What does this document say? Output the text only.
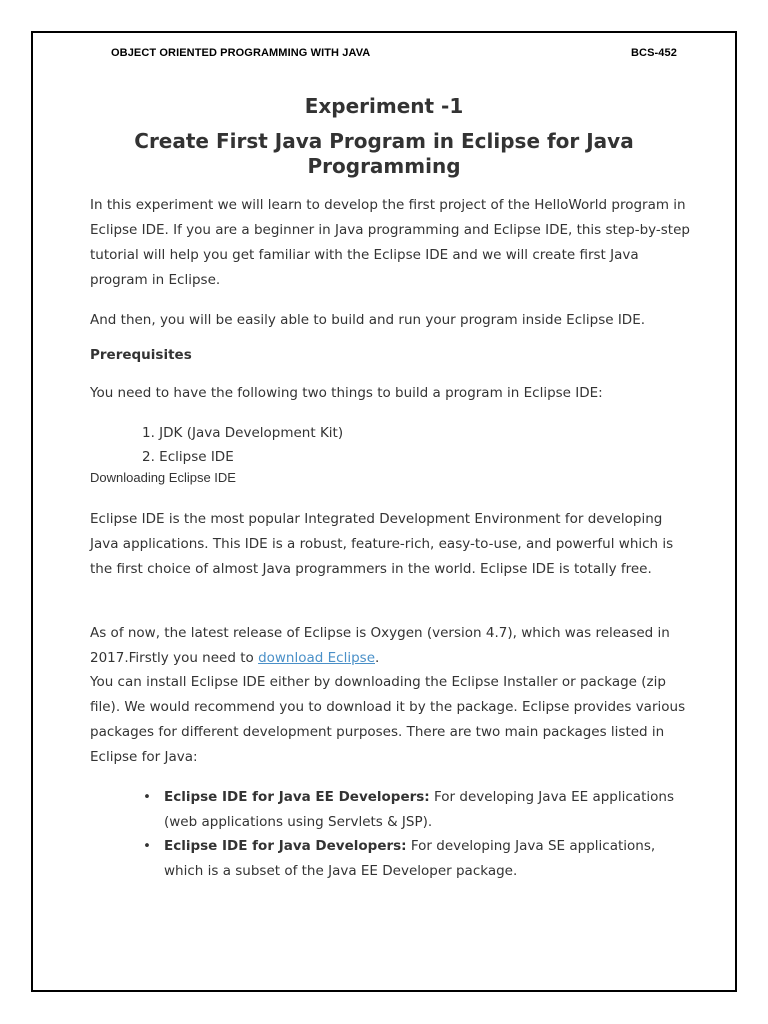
OBJECT ORIENTED PROGRAMMING WITH JAVA	BCS-452
Experiment -1
Create First Java Program in Eclipse for Java Programming

In this experiment we will learn to develop the first project of the HelloWorld program in Eclipse IDE. If you are a beginner in Java programming and Eclipse IDE, this step-by-step tutorial will help you get familiar with the Eclipse IDE and we will create first Java program in Eclipse.

And then, you will be easily able to build and run your program inside Eclipse IDE.

Prerequisites

You need to have the following two things to build a program in Eclipse IDE:

1. JDK (Java Development Kit)
2. Eclipse IDE
Downloading Eclipse IDE

Eclipse IDE is the most popular Integrated Development Environment for developing Java applications. This IDE is a robust, feature-rich, easy-to-use, and powerful which is the first choice of almost Java programmers in the world. Eclipse IDE is totally free.

As of now, the latest release of Eclipse is Oxygen (version 4.7), which was released in 2017.Firstly you need to download Eclipse.

You can install Eclipse IDE either by downloading the Eclipse Installer or package (zip file). We would recommend you to download it by the package. Eclipse provides various packages for different development purposes. There are two main packages listed in Eclipse for Java:

• Eclipse IDE for Java EE Developers: For developing Java EE applications (web applications using Servlets & JSP).
• Eclipse IDE for Java Developers: For developing Java SE applications, which is a subset of the Java EE Developer package.
